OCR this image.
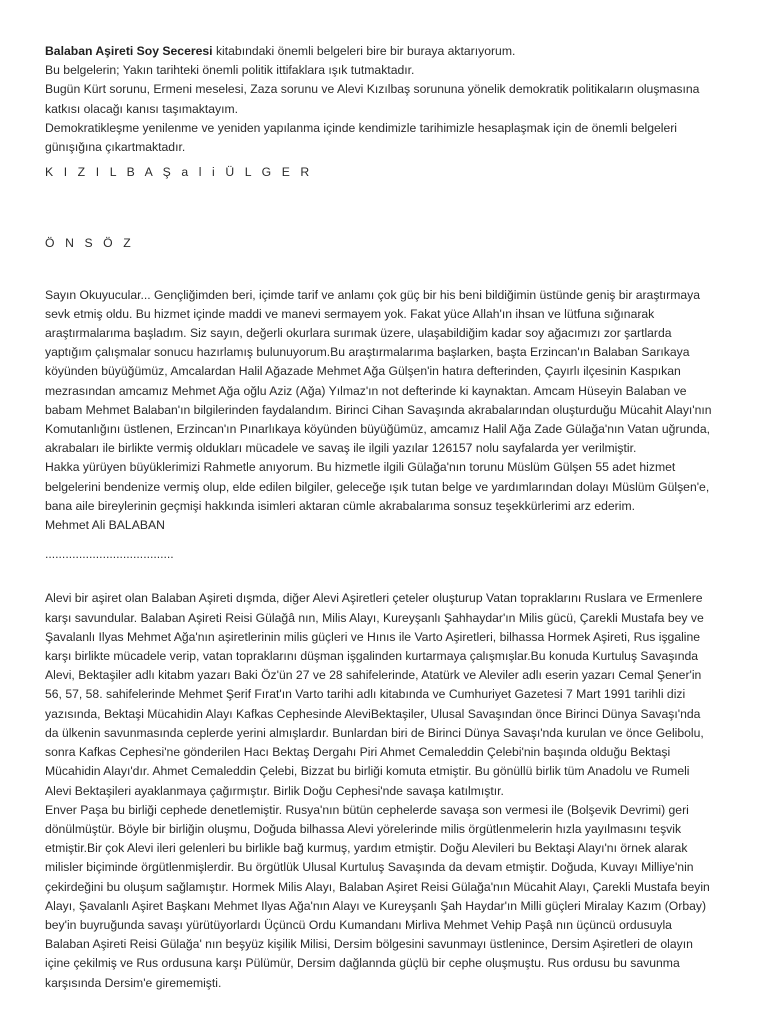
Balaban Aşireti Soy Seceresi kitabındaki önemli belgeleri bire bir buraya aktarıyorum.
Bu belgelerin; Yakın tarihteki önemli politik ittifaklara ışık tutmaktadır.
Bugün Kürt sorunu, Ermeni meselesi, Zaza sorunu ve Alevi Kızılbaş sorununa yönelik demokratik politikaların oluşmasına
katkısı olacağı kanısı taşımaktayım.
Demokratikleşme yenilenme ve yeniden yapılanma içinde kendimizle tarihimizle hesaplaşmak için de önemli belgeleri
günışığına çıkartmaktadır.
K I Z I L B A Ş a l i Ü L G E R
Ö N S Ö Z
Sayın Okuyucular... Gençliğimden beri, içimde tarif ve anlamı çok güç bir his beni bildiğimin üstünde geniş bir araştırmaya
sevk etmiş oldu. Bu hizmet içinde maddi ve manevi sermayem yok. Fakat yüce Allah'ın ihsan ve lütfuna sığınarak
araştırmalarıma başladım. Siz sayın, değerli okurlara surımak üzere, ulaşabildiğim kadar soy ağacımızı zor şartlarda
yaptığım çalışmalar sonucu hazırlamış bulunuyorum.Bu araştırmalarıma başlarken, başta Erzincan'ın Balaban Sarıkaya
köyünden büyüğümüz, Amcalardan Halil Ağazade Mehmet Ağa Gülşen'in hatıra defterinden, Çayırlı ilçesinin Kaspıkan
mezrasından amcamız Mehmet Ağa oğlu Aziz (Ağa) Yılmaz'ın not defterinde ki kaynaktan. Amcam Hüseyin Balaban ve
babam Mehmet Balaban'ın bilgilerinden faydalandım. Birinci Cihan Savaşında akrabalarından oluşturduğu Mücahit Alayı'nın
Komutanlığını üstlenen, Erzincan'ın Pınarlıkaya köyünden büyüğümüz, amcamız Halil Ağa Zade Gülağa'nın Vatan uğrunda,
akrabaları ile birlikte vermiş oldukları mücadele ve savaş ile ilgili yazılar 126157 nolu sayfalarda yer verilmiştir.
Hakka yürüyen büyüklerimizi Rahmetle anıyorum. Bu hizmetle ilgili Gülağa'nın torunu Müslüm Gülşen 55 adet hizmet
belgelerini bendenize vermiş olup, elde edilen bilgiler, geleceğe ışık tutan belge ve yardımlarından dolayı Müslüm Gülşen'e,
bana aile bireylerinin geçmişi hakkında isimleri aktaran cümle akrabalarıma sonsuz teşekkürlerimi arz ederim.
Mehmet Ali BALABAN
......................................
Alevi bir aşiret olan Balaban Aşireti dışmda, diğer Alevi Aşiretleri çeteler oluşturup Vatan topraklarını Ruslara ve Ermenlere
karşı savundular. Balaban Aşireti Reisi Gülağâ nın, Milis Alayı, Kureyşanlı Şahhaydar'ın Milis gücü, Çarekli Mustafa bey ve
Şavalanlı Ilyas Mehmet Ağa'nın aşiretlerinin milis güçleri ve Hınıs ile Varto Aşiretleri, bilhassa Hormek Aşireti, Rus işgaline
karşı birlikte mücadele verip, vatan topraklarını düşman işgalinden kurtarmaya çalışmışlar.Bu konuda Kurtuluş Savaşında
Alevi, Bektaşiler adlı kitabm yazarı Baki Öz'ün 27 ve 28 sahifelerinde, Atatürk ve Aleviler adlı eserin yazarı Cemal Şener'in
56, 57, 58. sahifelerinde Mehmet Şerif Fırat'ın Varto tarihi adlı kitabında ve Cumhuriyet Gazetesi 7 Mart 1991 tarihli dizi
yazısında, Bektaşi Mücahidin Alayı Kafkas Cephesinde AleviBektaşiler, Ulusal Savaşından önce Birinci Dünya Savaşı'nda
da ülkenin savunmasında ceplerde yerini almışlardır. Bunlardan biri de Birinci Dünya Savaşı'nda kurulan ve önce Gelibolu,
sonra Kafkas Cephesi'ne gönderilen Hacı Bektaş Dergahı Piri Ahmet Cemaleddin Çelebi'nin başında olduğu Bektaşi
Mücahidin Alayı'dır. Ahmet Cemaleddin Çelebi, Bizzat bu birliği komuta etmiştir. Bu gönüllü birlik tüm Anadolu ve Rumeli
Alevi Bektaşileri ayaklanmaya çağırmıştır. Birlik Doğu Cephesi'nde savaşa katılmıştır.
Enver Paşa bu birliği cephede denetlemiştir. Rusya'nın bütün cephelerde savaşa son vermesi ile (Bolşevik Devrimi) geri
dönülmüştür. Böyle bir birliğin oluşmu, Doğuda bilhassa Alevi yörelerinde milis örgütlenmelerin hızla yayılmasını teşvik
etmiştir.Bir çok Alevi ileri gelenleri bu birlikle bağ kurmuş, yardım etmiştir. Doğu Alevileri bu Bektaşi Alayı'nı örnek alarak
milisler biçiminde örgütlenmişlerdir. Bu örgütlük Ulusal Kurtuluş Savaşında da devam etmiştir. Doğuda, Kuvayı Milliye'nin
çekirdeğini bu oluşum sağlamıştır. Hormek Milis Alayı, Balaban Aşiret Reisi Gülağa'nın Mücahit Alayı, Çarekli Mustafa beyin
Alayı, Şavalanlı Aşiret Başkanı Mehmet Ilyas Ağa'nın Alayı ve Kureyşanlı Şah Haydar'ın Milli güçleri Miralay Kazım (Orbay)
bey'in buyruğunda savaşı yürütüyorlardı Üçüncü Ordu Kumandanı Mirliva Mehmet Vehip Paşâ nın üçüncü ordusuyla
Balaban Aşireti Reisi Gülağa' nın beşyüz kişilik Milisi, Dersim bölgesini savunmayı üstlenince, Dersim Aşiretleri de olayın
içine çekilmiş ve Rus ordusuna karşı Pülümür, Dersim dağlannda güçlü bir cephe oluşmuştu. Rus ordusu bu savunma
karşısında Dersim'e girememişti.
